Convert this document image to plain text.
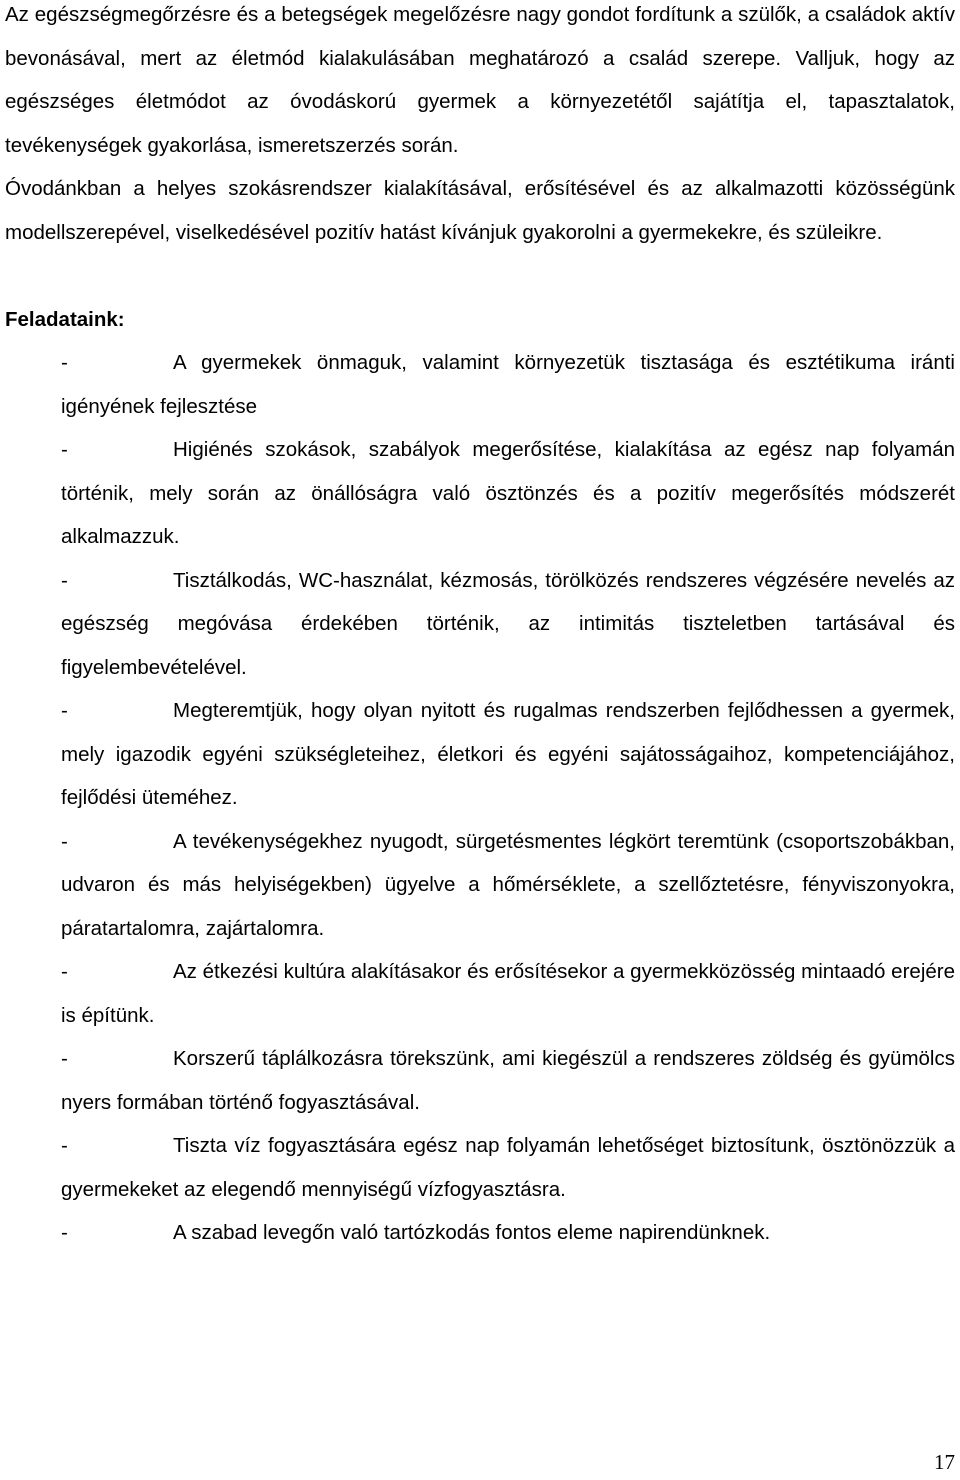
Az egészségmegőrzésre és a betegségek megelőzésre nagy gondot fordítunk a szülők, a családok aktív bevonásával, mert az életmód kialakulásában meghatározó a család szerepe. Valljuk, hogy az egészséges életmódot az óvodáskorú gyermek a környezetétől sajátítja el, tapasztalatok, tevékenységek gyakorlása, ismeretszerzés során.

Óvodánkban a helyes szokásrendszer kialakításával, erősítésével és az alkalmazotti közösségünk modellszerepével, viselkedésével pozitív hatást kívánjuk gyakorolni a gyermekekre, és szüleikre.

Feladataink:

-	A gyermekek önmaguk, valamint környezetük tisztasága és esztétikuma iránti igényének fejlesztése
-	Higiénés szokások, szabályok megerősítése, kialakítása az egész nap folyamán történik, mely során az önállóságra való ösztönzés és a pozitív megerősítés módszerét alkalmazzuk.
-	Tisztálkodás, WC-használat, kézmosás, törölközés rendszeres végzésére nevelés az egészség megóvása érdekében történik, az intimitás tiszteletben tartásával és figyelembevételével.
-	Megteremtjük, hogy olyan nyitott és rugalmas rendszerben fejlődhessen a gyermek, mely igazodik egyéni szükségleteihez, életkori és egyéni sajátosságaihoz, kompetenciájához, fejlődési üteméhez.
-	A tevékenységekhez nyugodt, sürgetésmentes légkört teremtünk (csoportszobákban, udvaron és más helyiségekben) ügyelve a hőmérséklete, a szellőztetésre, fényviszonyokra, páratartalomra, zajártalomra.
-	Az étkezési kultúra alakításakor és erősítésekor a gyermekközösség mintaadó erejére is építünk.
-	Korszerű táplálkozásra törekszünk, ami kiegészül a rendszeres zöldség és gyümölcs nyers formában történő fogyasztásával.
-	Tiszta víz fogyasztására egész nap folyamán lehetőséget biztosítunk, ösztönözzük a gyermekeket az elegendő mennyiségű vízfogyasztásra.
-	A szabad levegőn való tartózkodás fontos eleme napirendünknek.
17
